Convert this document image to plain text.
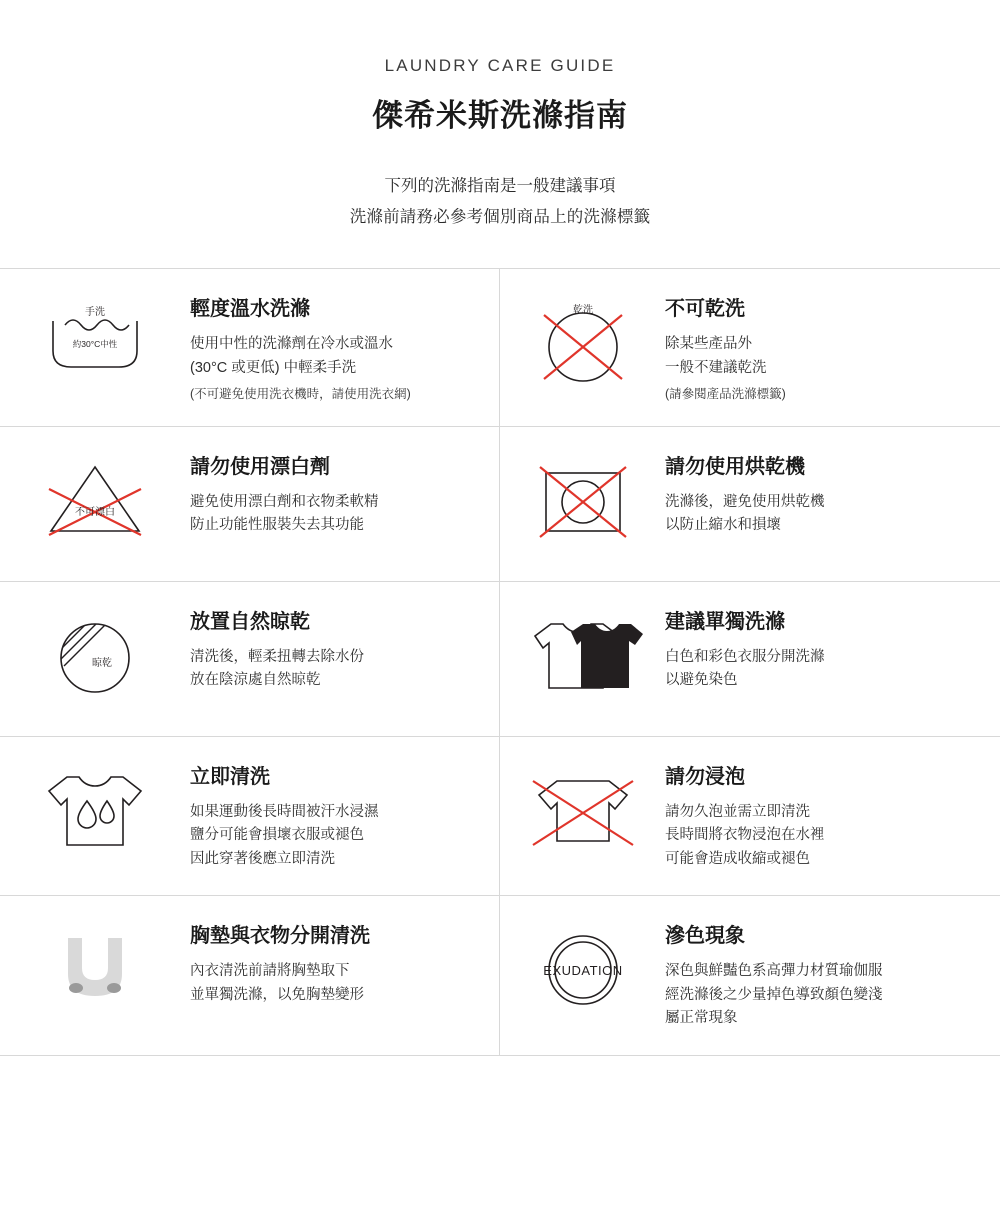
LAUNDRY CARE GUIDE
傑希米斯洗滌指南
下列的洗滌指南是一般建議事項
洗滌前請務必參考個別商品上的洗滌標籤
手洗
約30°C中性
輕度溫水洗滌
使用中性的洗滌劑在冷水或溫水
(30°C 或更低) 中輕柔手洗
(不可避免使用洗衣機時，請使用洗衣網)
乾洗	不可乾洗
除某些產品外
一般不建議乾洗
(請參閱產品洗滌標籤)
不可漂白
請勿使用漂白劑
避免使用漂白劑和衣物柔軟精
防止功能性服裝失去其功能
請勿使用烘乾機
洗滌後，避免使用烘乾機
以防止縮水和損壞
晾乾
放置自然晾乾
清洗後，輕柔扭轉去除水份
放在陰涼處自然晾乾
建議單獨洗滌
白色和彩色衣服分開洗滌
以避免染色
立即清洗
如果運動後長時間被汗水浸濕
鹽分可能會損壞衣服或褪色
因此穿著後應立即清洗
請勿浸泡
請勿久泡並需立即清洗
長時間將衣物浸泡在水裡
可能會造成收縮或褪色
胸墊與衣物分開清洗
內衣清洗前請將胸墊取下
並單獨洗滌，以免胸墊變形
EXUDATION
滲色現象
深色與鮮豔色系高彈力材質瑜伽服
經洗滌後之少量掉色導致顏色變淺
屬正常現象
